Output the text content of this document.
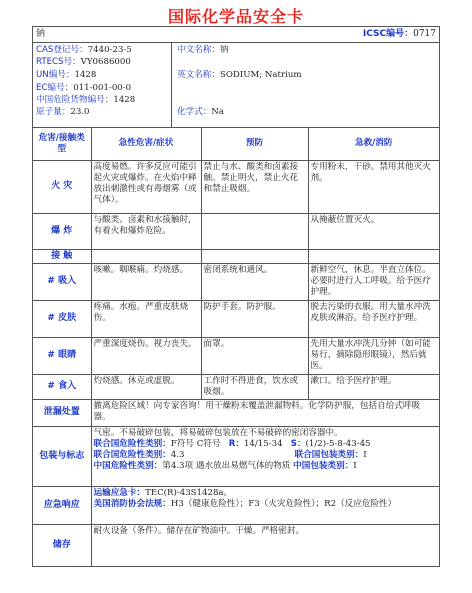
国际化学品安全卡
钠	ICSC编号：0717
CAS登记号：7440-23-5
RTECS号：VY0686000
UN编号：1428
EC编号：011-001-00-0
中国危险货物编号：1428
原子量：23.0
中文名称：钠
英文名称：SODIUM; Natrium
化学式：Na
危害/接触类型	急性危害/症状	预防	急救/消防
火 灾	高度易燃。许多反应可能引起火灾或爆炸。在火焰中释放出刺激性或有毒烟雾（或气体）。	禁止与水、酸类和卤素接触。禁止明火，禁止火花和禁止吸烟。	专用粉末，干砂。禁用其他灭火剂。
爆 炸	与酸类、卤素和水接触时，有着火和爆炸危险。		从掩蔽位置灭火。
接 触			
# 吸入	咳嗽。咽喉痛。灼烧感。	密闭系统和通风。	新鲜空气，休息。半直立体位。必要时进行人工呼吸。给予医疗护理。
# 皮肤	疼痛。水疱。严重皮肤烧伤。	防护手套。防护服。	脱去污染的衣服。用大量水冲洗皮肤或淋浴。给予医疗护理。
# 眼睛	严重深度烧伤。视力丧失。	面罩。	先用大量水冲洗几分钟（如可能易行，摘除隐形眼镜），然后就医。
# 食入	灼烧感。休克或虚脱。	工作时不得进食，饮水或吸烟。	漱口。给予医疗护理。
泄漏处置	撤离危险区域！向专家咨询！用干燥粉末覆盖泄漏物料。化学防护服，包括自给式呼吸器。		
包装与标志	气密。不易破碎包装，将易破碎包装放在不易破碎的密闭容器中。
联合国危险性类别：F符号 C符号 R：14/15-34 S：(1/2)-5-8-43-45
联合国危险性类别：4.3 联合国包装类别：I
中国危险性类别：第4.3项 遇水放出易燃气体的物质 中国包装类别：I		

应急响应	运输应急卡：TEC(R)-43S1428a。
美国消防协会法规：H3（健康危险性）；F3（火灾危险性）；R2（反应危险性）		

储存	耐火设备（条件）。储存在矿物油中。干燥。严格密封。		
